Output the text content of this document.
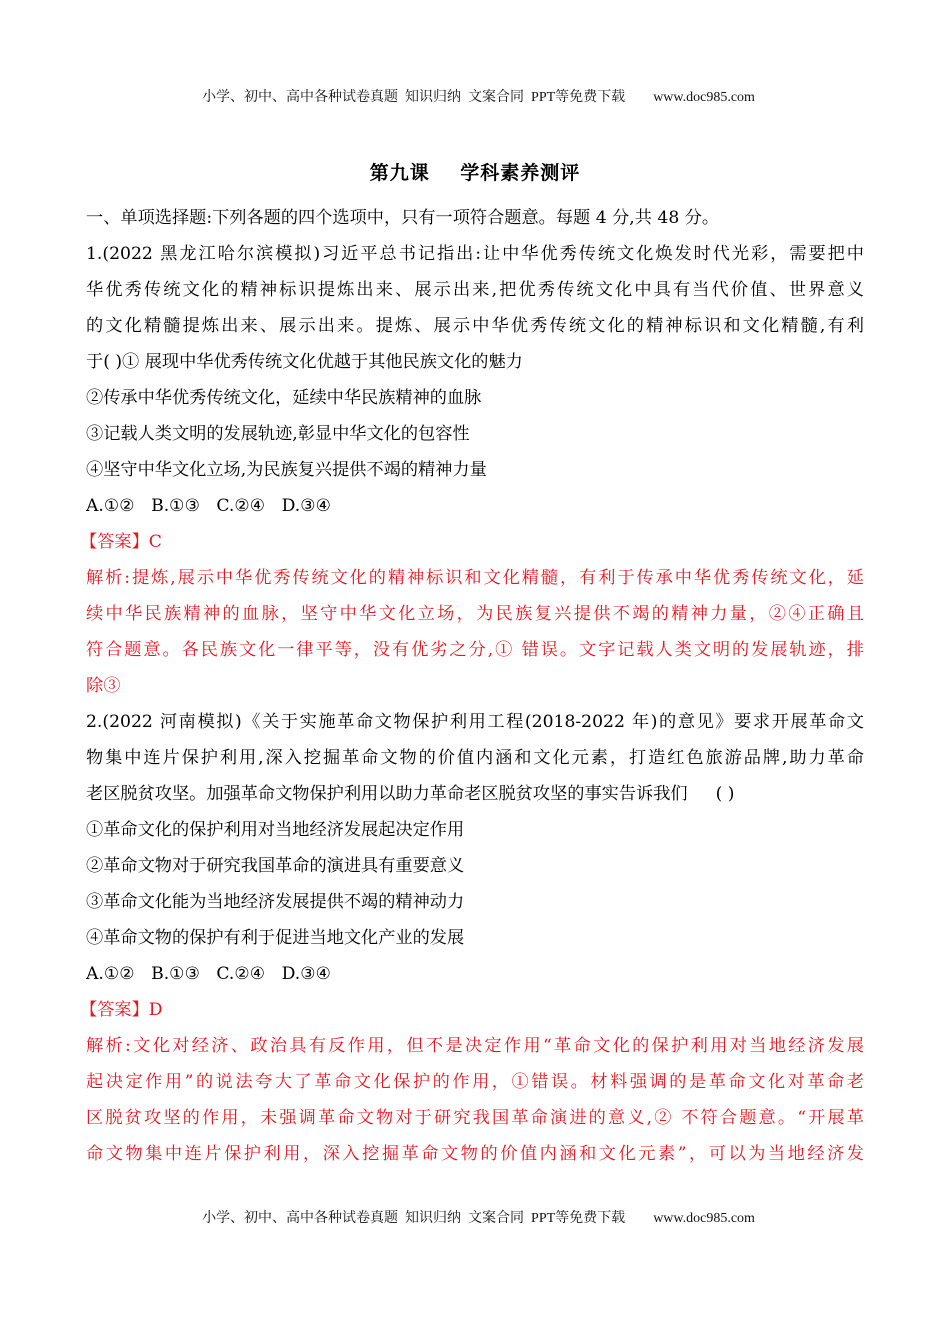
小学、初中、高中各种试卷真题  知识归纳  文案合同  PPT等免费下载 www.doc985.com

第九课    学科素养测评
一、单项选择题:下列各题的四个选项中，只有一项符合题意。每题 4 分,共 48 分。
1.(2022 黑龙江哈尔滨模拟)习近平总书记指出:让中华优秀传统文化焕发时代光彩，需要把中
华优秀传统文化的精神标识提炼出来、展示出来,把优秀传统文化中具有当代价值、世界意义
的文化精髓提炼出来、展示出来。提炼、展示中华优秀传统文化的精神标识和文化精髓,有利
于( )① 展现中华优秀传统文化优越于其他民族文化的魅力
②传承中华优秀传统文化，延续中华民族精神的血脉
③记载人类文明的发展轨迹,彰显中华文化的包容性
④坚守中华文化立场,为民族复兴提供不竭的精神力量
A.①②   B.①③   C.②④   D.③④
【答案】C
解析:提炼,展示中华优秀传统文化的精神标识和文化精髓，有利于传承中华优秀传统文化，延
续中华民族精神的血脉，坚守中华文化立场，为民族复兴提供不竭的精神力量，②④正确且
符合题意。各民族文化一律平等，没有优劣之分,① 错误。文字记载人类文明的发展轨迹，排
除③
2.(2022 河南模拟)《关于实施革命文物保护利用工程(2018-2022 年)的意见》要求开展革命文
物集中连片保护利用,深入挖掘革命文物的价值内涵和文化元素，打造红色旅游品牌,助力革命
老区脱贫攻坚。加强革命文物保护利用以助力革命老区脱贫攻坚的事实告诉我们 ( )
①革命文化的保护利用对当地经济发展起决定作用
②革命文物对于研究我国革命的演进具有重要意义
③革命文化能为当地经济发展提供不竭的精神动力
④革命文物的保护有利于促进当地文化产业的发展
A.①②   B.①③   C.②④   D.③④
【答案】D
解析:文化对经济、政治具有反作用，但不是决定作用“革命文化的保护利用对当地经济发展
起决定作用”的说法夸大了革命文化保护的作用，①错误。材料强调的是革命文化对革命老
区脱贫攻坚的作用，未强调革命文物对于研究我国革命演进的意义,② 不符合题意。“开展革
命文物集中连片保护利用，深入挖掘革命文物的价值内涵和文化元素”，可以为当地经济发

小学、初中、高中各种试卷真题  知识归纳  文案合同  PPT等免费下载 www.doc985.com
